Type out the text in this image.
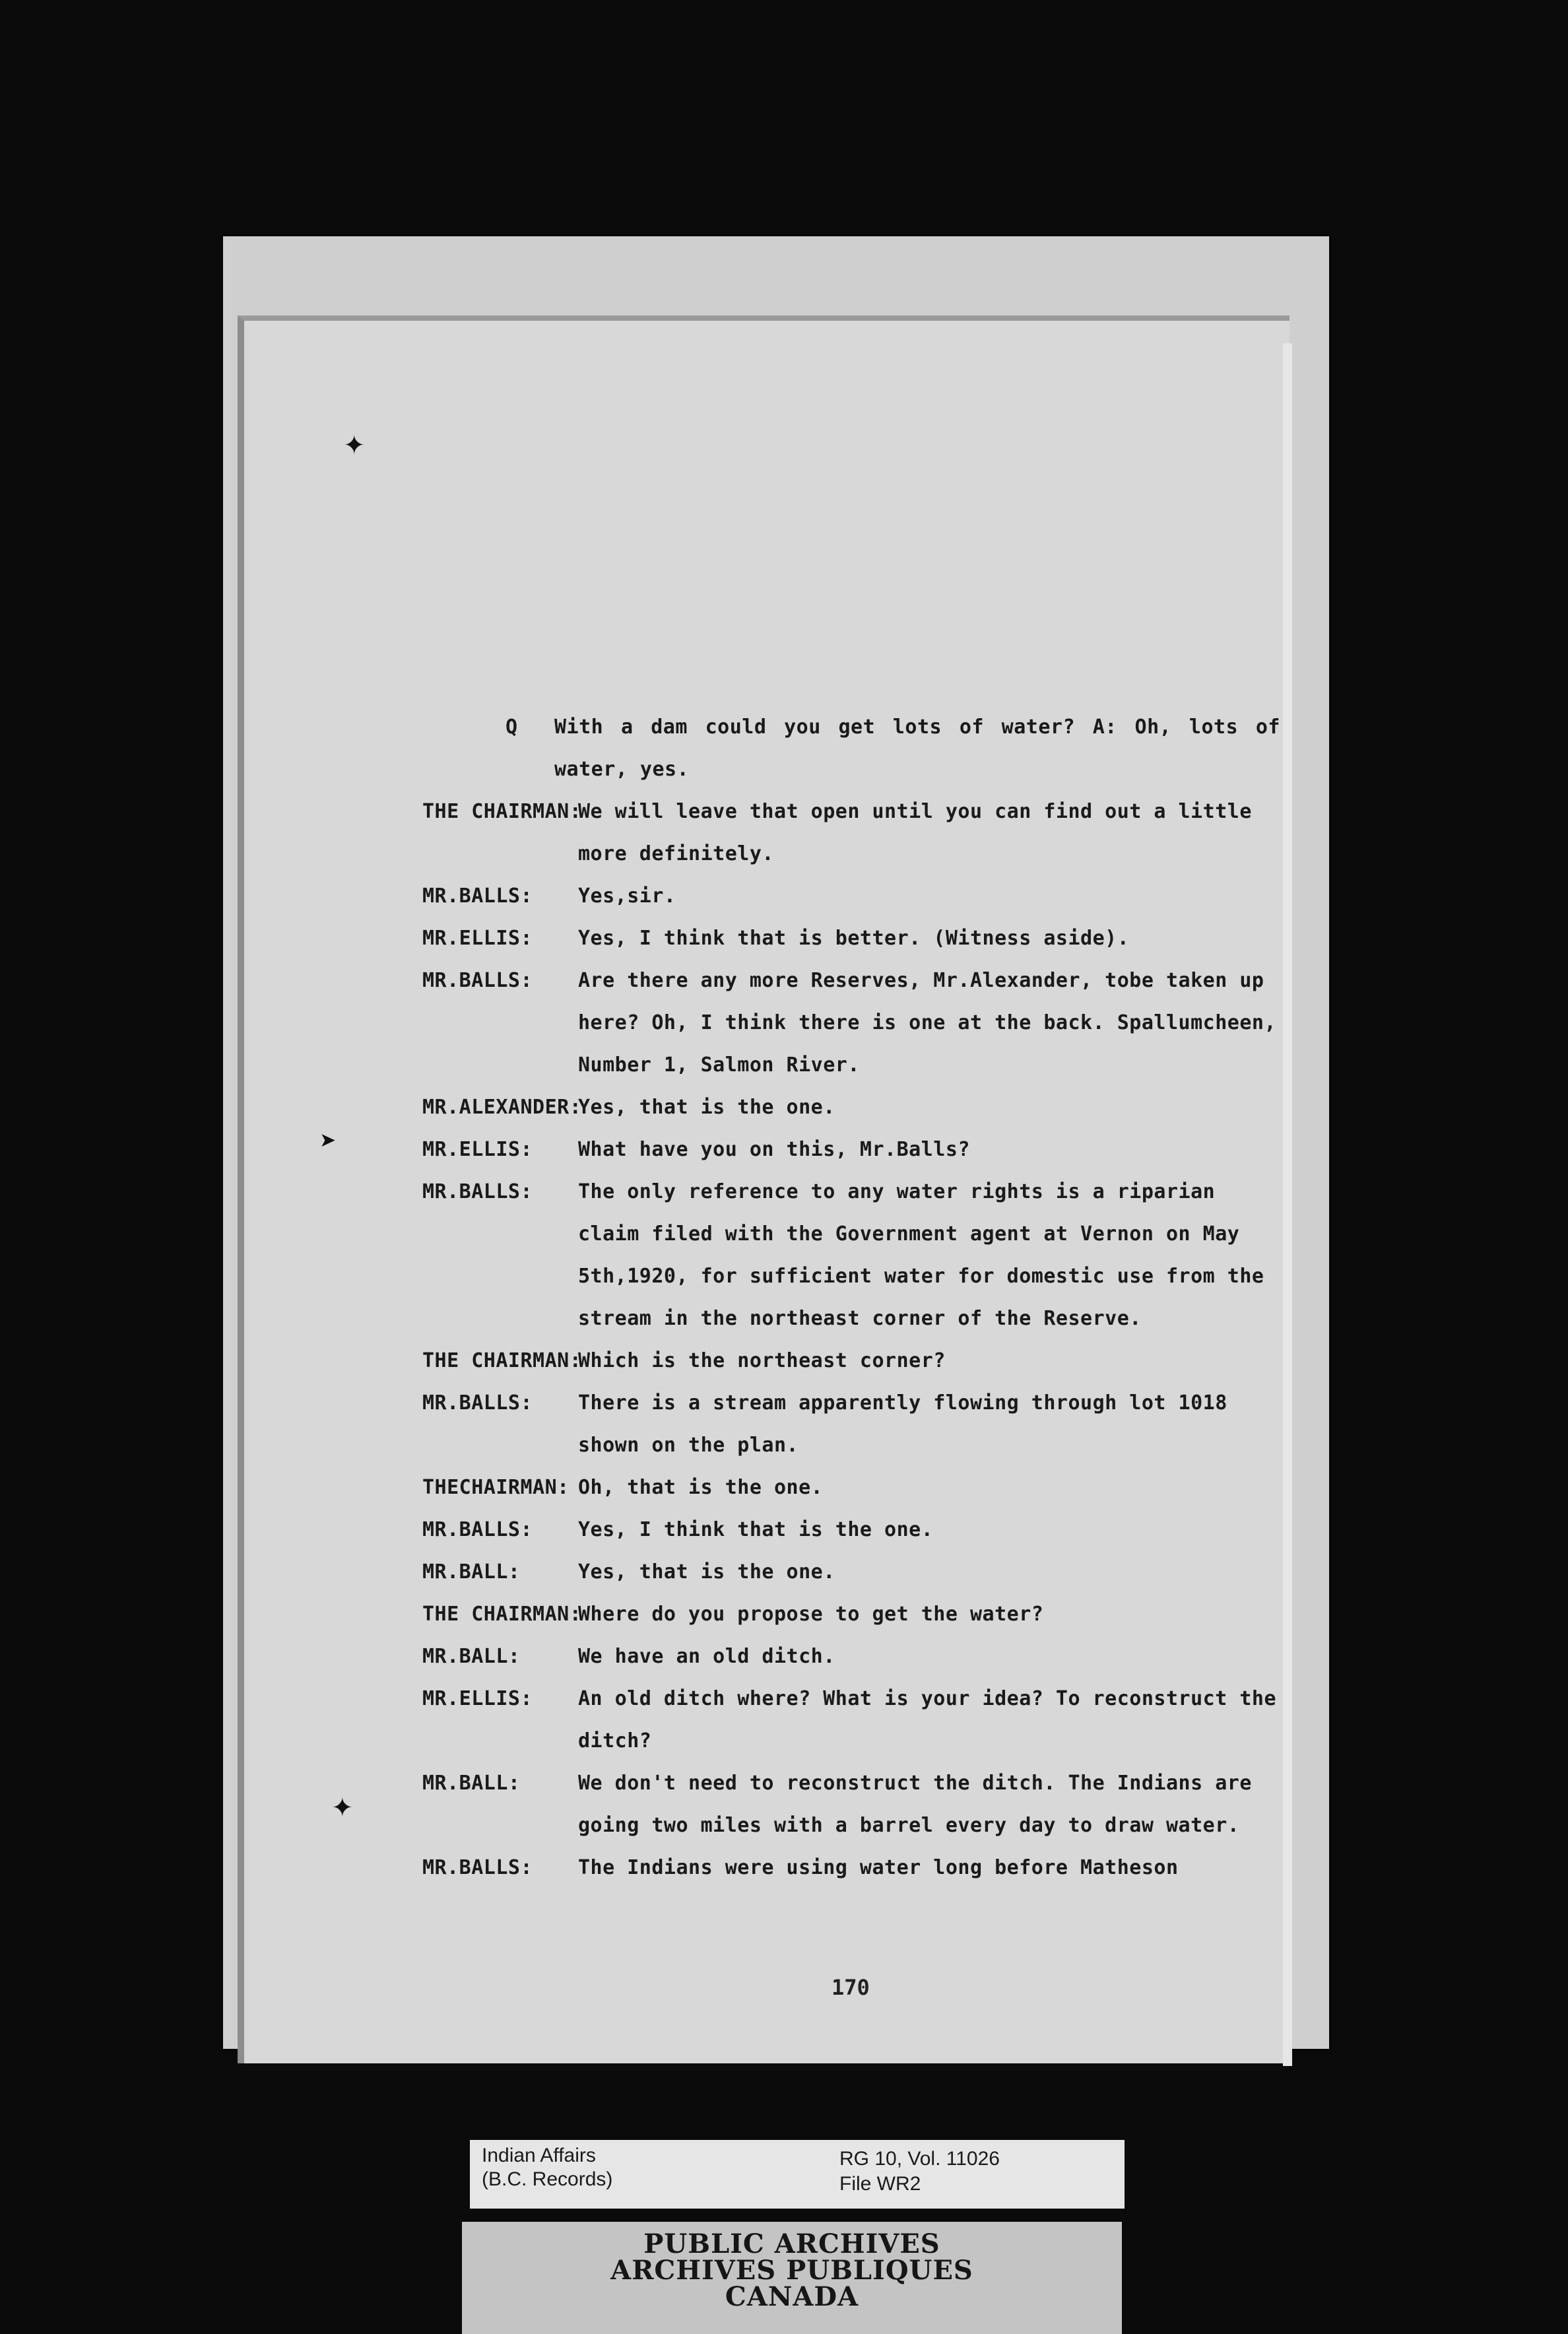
✦
➤
✦
Q	With a dam could you get lots of water? A: Oh, lots of water, yes.
THE CHAIRMAN:
We will leave that open until you can find out a little more definitely.
MR.BALLS:	Yes,sir.
MR.ELLIS:	Yes, I think that is better. (Witness aside).
MR.BALLS:	Are there any more Reserves, Mr.Alexander, tobe taken up here? Oh, I think there is one at the back. Spallumcheen, Number 1, Salmon River.
MR.ALEXANDER:
Yes, that is the one.
MR.ELLIS:	What have you on this, Mr.Balls?
MR.BALLS:	The only reference to any water rights is a riparian claim filed with the Government agent at Vernon on May 5th,1920, for sufficient water for domestic use from the stream in the northeast corner of the Reserve.
THE CHAIRMAN:
Which is the northeast corner?
MR.BALLS:	There is a stream apparently flowing through lot 1018 shown on the plan.
THECHAIRMAN: Oh, that is the one.
MR.BALLS:	Yes, I think that is the one.
MR.BALL:	Yes, that is the one.
THE CHAIRMAN:
Where do you propose to get the water?
MR.BALL:	We have an old ditch.
MR.ELLIS:	An old ditch where? What is your idea? To reconstruct the ditch?
MR.BALL:	We don't need to reconstruct the ditch. The Indians are going two miles with a barrel every day to draw water.
MR.BALLS:	The Indians were using water long before Matheson
170
Indian Affairs
(B.C. Records)
RG 10, Vol. 11026
File WR2
PUBLIC ARCHIVES
ARCHIVES PUBLIQUES
CANADA
